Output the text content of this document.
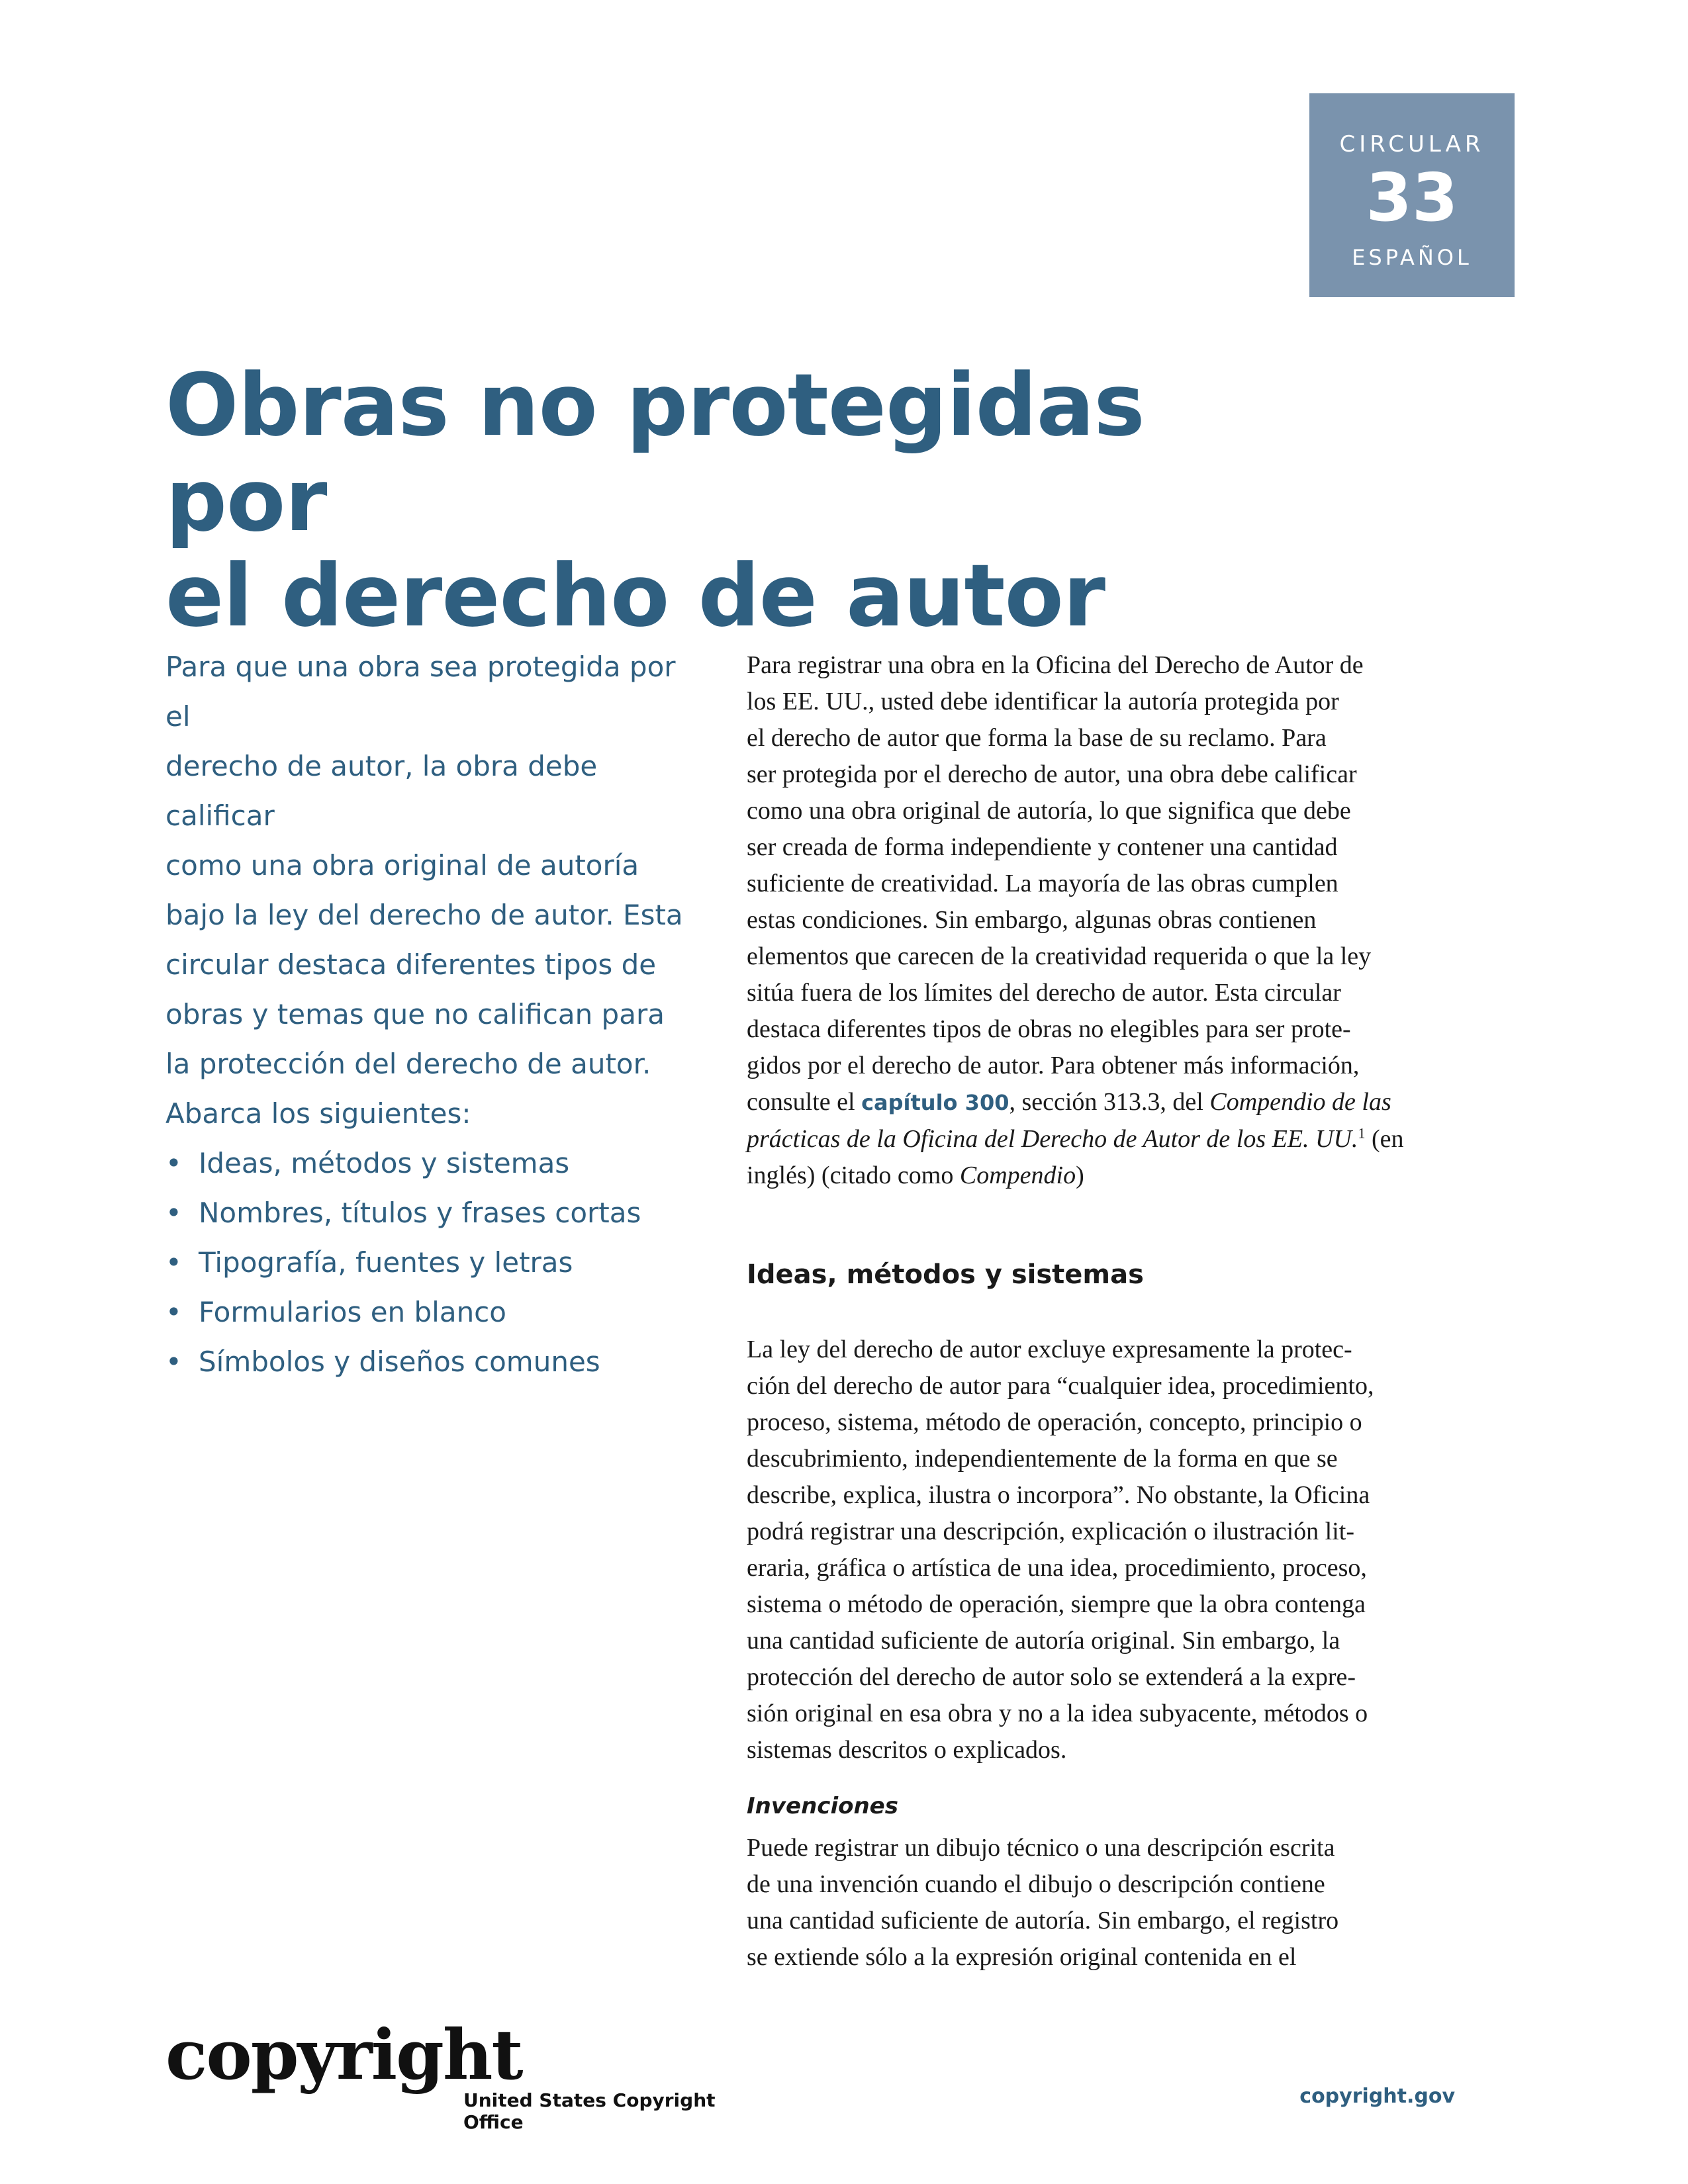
CIRCULAR
33
ESPAÑOL
Obras no protegidas por
el derecho de autor

Para que una obra sea protegida por el

derecho de autor, la obra debe calificar

como una obra original de autoría

bajo la ley del derecho de autor. Esta

circular destaca diferentes tipos de

obras y temas que no califican para

la protección del derecho de autor.

Abarca los siguientes:

• Ideas, métodos y sistemas
• Nombres, títulos y frases cortas
• Tipografía, fuentes y letras
• Formularios en blanco
• Símbolos y diseños comunes

Para registrar una obra en la Oficina del Derecho de Autor de

los EE. UU., usted debe identificar la autoría protegida por

el derecho de autor que forma la base de su reclamo. Para

ser protegida por el derecho de autor, una obra debe calificar

como una obra original de autoría, lo que significa que debe

ser creada de forma independiente y contener una cantidad

suficiente de creatividad. La mayoría de las obras cumplen

estas condiciones. Sin embargo, algunas obras contienen

elementos que carecen de la creatividad requerida o que la ley

sitúa fuera de los límites del derecho de autor. Esta circular

destaca diferentes tipos de obras no elegibles para ser prote-

gidos por el derecho de autor. Para obtener más información,

consulte el capítulo 300, sección 313.3, del Compendio de las

prácticas de la Oficina del Derecho de Autor de los EE. UU.$^1$ (en

inglés) (citado como Compendio)

Ideas, métodos y sistemas

La ley del derecho de autor excluye expresamente la protec-

ción del derecho de autor para “cualquier idea, procedimiento,

proceso, sistema, método de operación, concepto, principio o

descubrimiento, independientemente de la forma en que se

describe, explica, ilustra o incorpora”. No obstante, la Oficina

podrá registrar una descripción, explicación o ilustración lit-

eraria, gráfica o artística de una idea, procedimiento, proceso,

sistema o método de operación, siempre que la obra contenga

una cantidad suficiente de autoría original. Sin embargo, la

protección del derecho de autor solo se extenderá a la expre-

sión original en esa obra y no a la idea subyacente, métodos o

sistemas descritos o explicados.

Invenciones

Puede registrar un dibujo técnico o una descripción escrita

de una invención cuando el dibujo o descripción contiene

una cantidad suficiente de autoría. Sin embargo, el registro

se extiende sólo a la expresión original contenida en el

copyright
United States Copyright Office
copyright.gov
